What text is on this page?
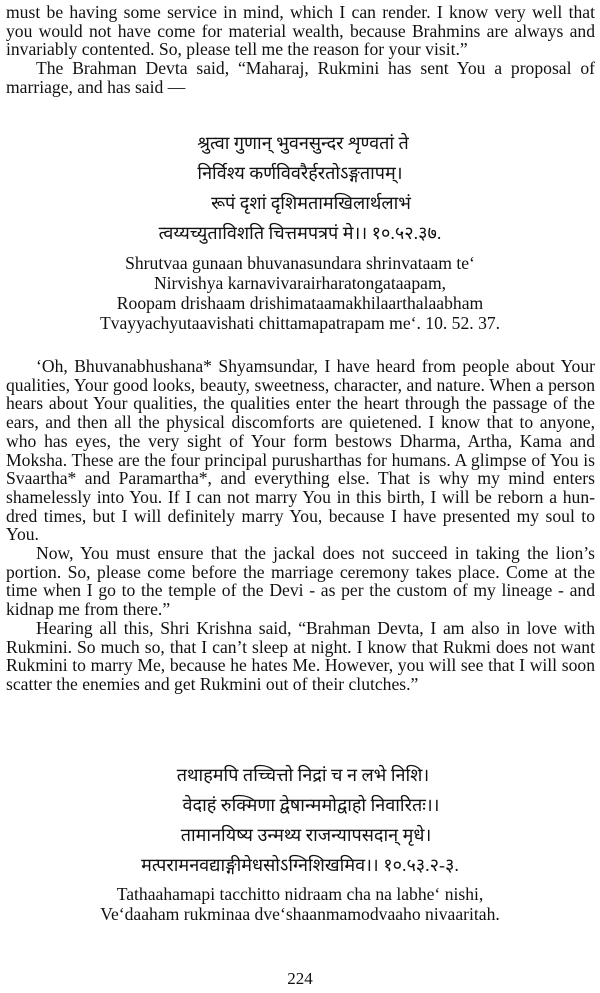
must be having some service in mind, which I can render. I know very well that you would not have come for material wealth, because Brahmins are always and invariably contented. So, please tell me the reason for your visit.”

The Brahman Devta said, “Maharaj, Rukmini has sent You a proposal of marriage, and has said —

श्रुत्वा गुणान् भुवनसुन्दर शृण्वतां ते
निर्विश्य कर्णविवरैर्हरतोऽङ्गतापम्।
रूपं दृशां दृशिमतामखिलार्थलाभं
त्वय्यच्युताविशति चित्तमपत्रपं मे।। १०.५२.३७.
Shrutvaa gunaan bhuvanasundara shrinvataam te‘
Nirvishya karnavivarairharatongataapam,
Roopam drishaam drishimataamakhilaarthalaabham
Tvayyachyutaavishati chittamapatrapam me‘. 10. 52. 37.

‘Oh, Bhuvanabhushana* Shyamsundar, I have heard from people about Your qualities, Your good looks, beauty, sweetness, character, and nature. When a person hears about Your qualities, the qualities enter the heart through the passage of the ears, and then all the physical discomforts are quietened. I know that to anyone, who has eyes, the very sight of Your form bestows Dharma, Artha, Kama and Moksha. These are the four principal purusharthas for humans. A glimpse of You is Svaartha* and Paramartha*, and everything else. That is why my mind enters shamelessly into You. If I can not marry You in this birth, I will be reborn a hundred times, but I will definitely marry You, because I have presented my soul to You.

Now, You must ensure that the jackal does not succeed in taking the lion’s portion. So, please come before the marriage ceremony takes place. Come at the time when I go to the temple of the Devi - as per the custom of my lineage - and kidnap me from there.”

Hearing all this, Shri Krishna said, “Brahman Devta, I am also in love with Rukmini. So much so, that I can’t sleep at night. I know that Rukmi does not want Rukmini to marry Me, because he hates Me. However, you will see that I will soon scatter the enemies and get Rukmini out of their clutches.”

तथाहमपि तच्चित्तो निद्रां च न लभे निशि।
वेदाहं रुक्मिणा द्वेषान्ममोद्वाहो निवारितः।।
तामानयिष्य उन्मथ्य राजन्यापसदान् मृधे।
मत्परामनवद्याङ्गीमेधसोऽग्निशिखमिव।। १०.५३.२-३.
Tathaahamapi tacchitto nidraam cha na labhe‘ nishi,
Ve‘daaham rukminaa dve‘shaanmamodvaaho nivaaritah.
224
